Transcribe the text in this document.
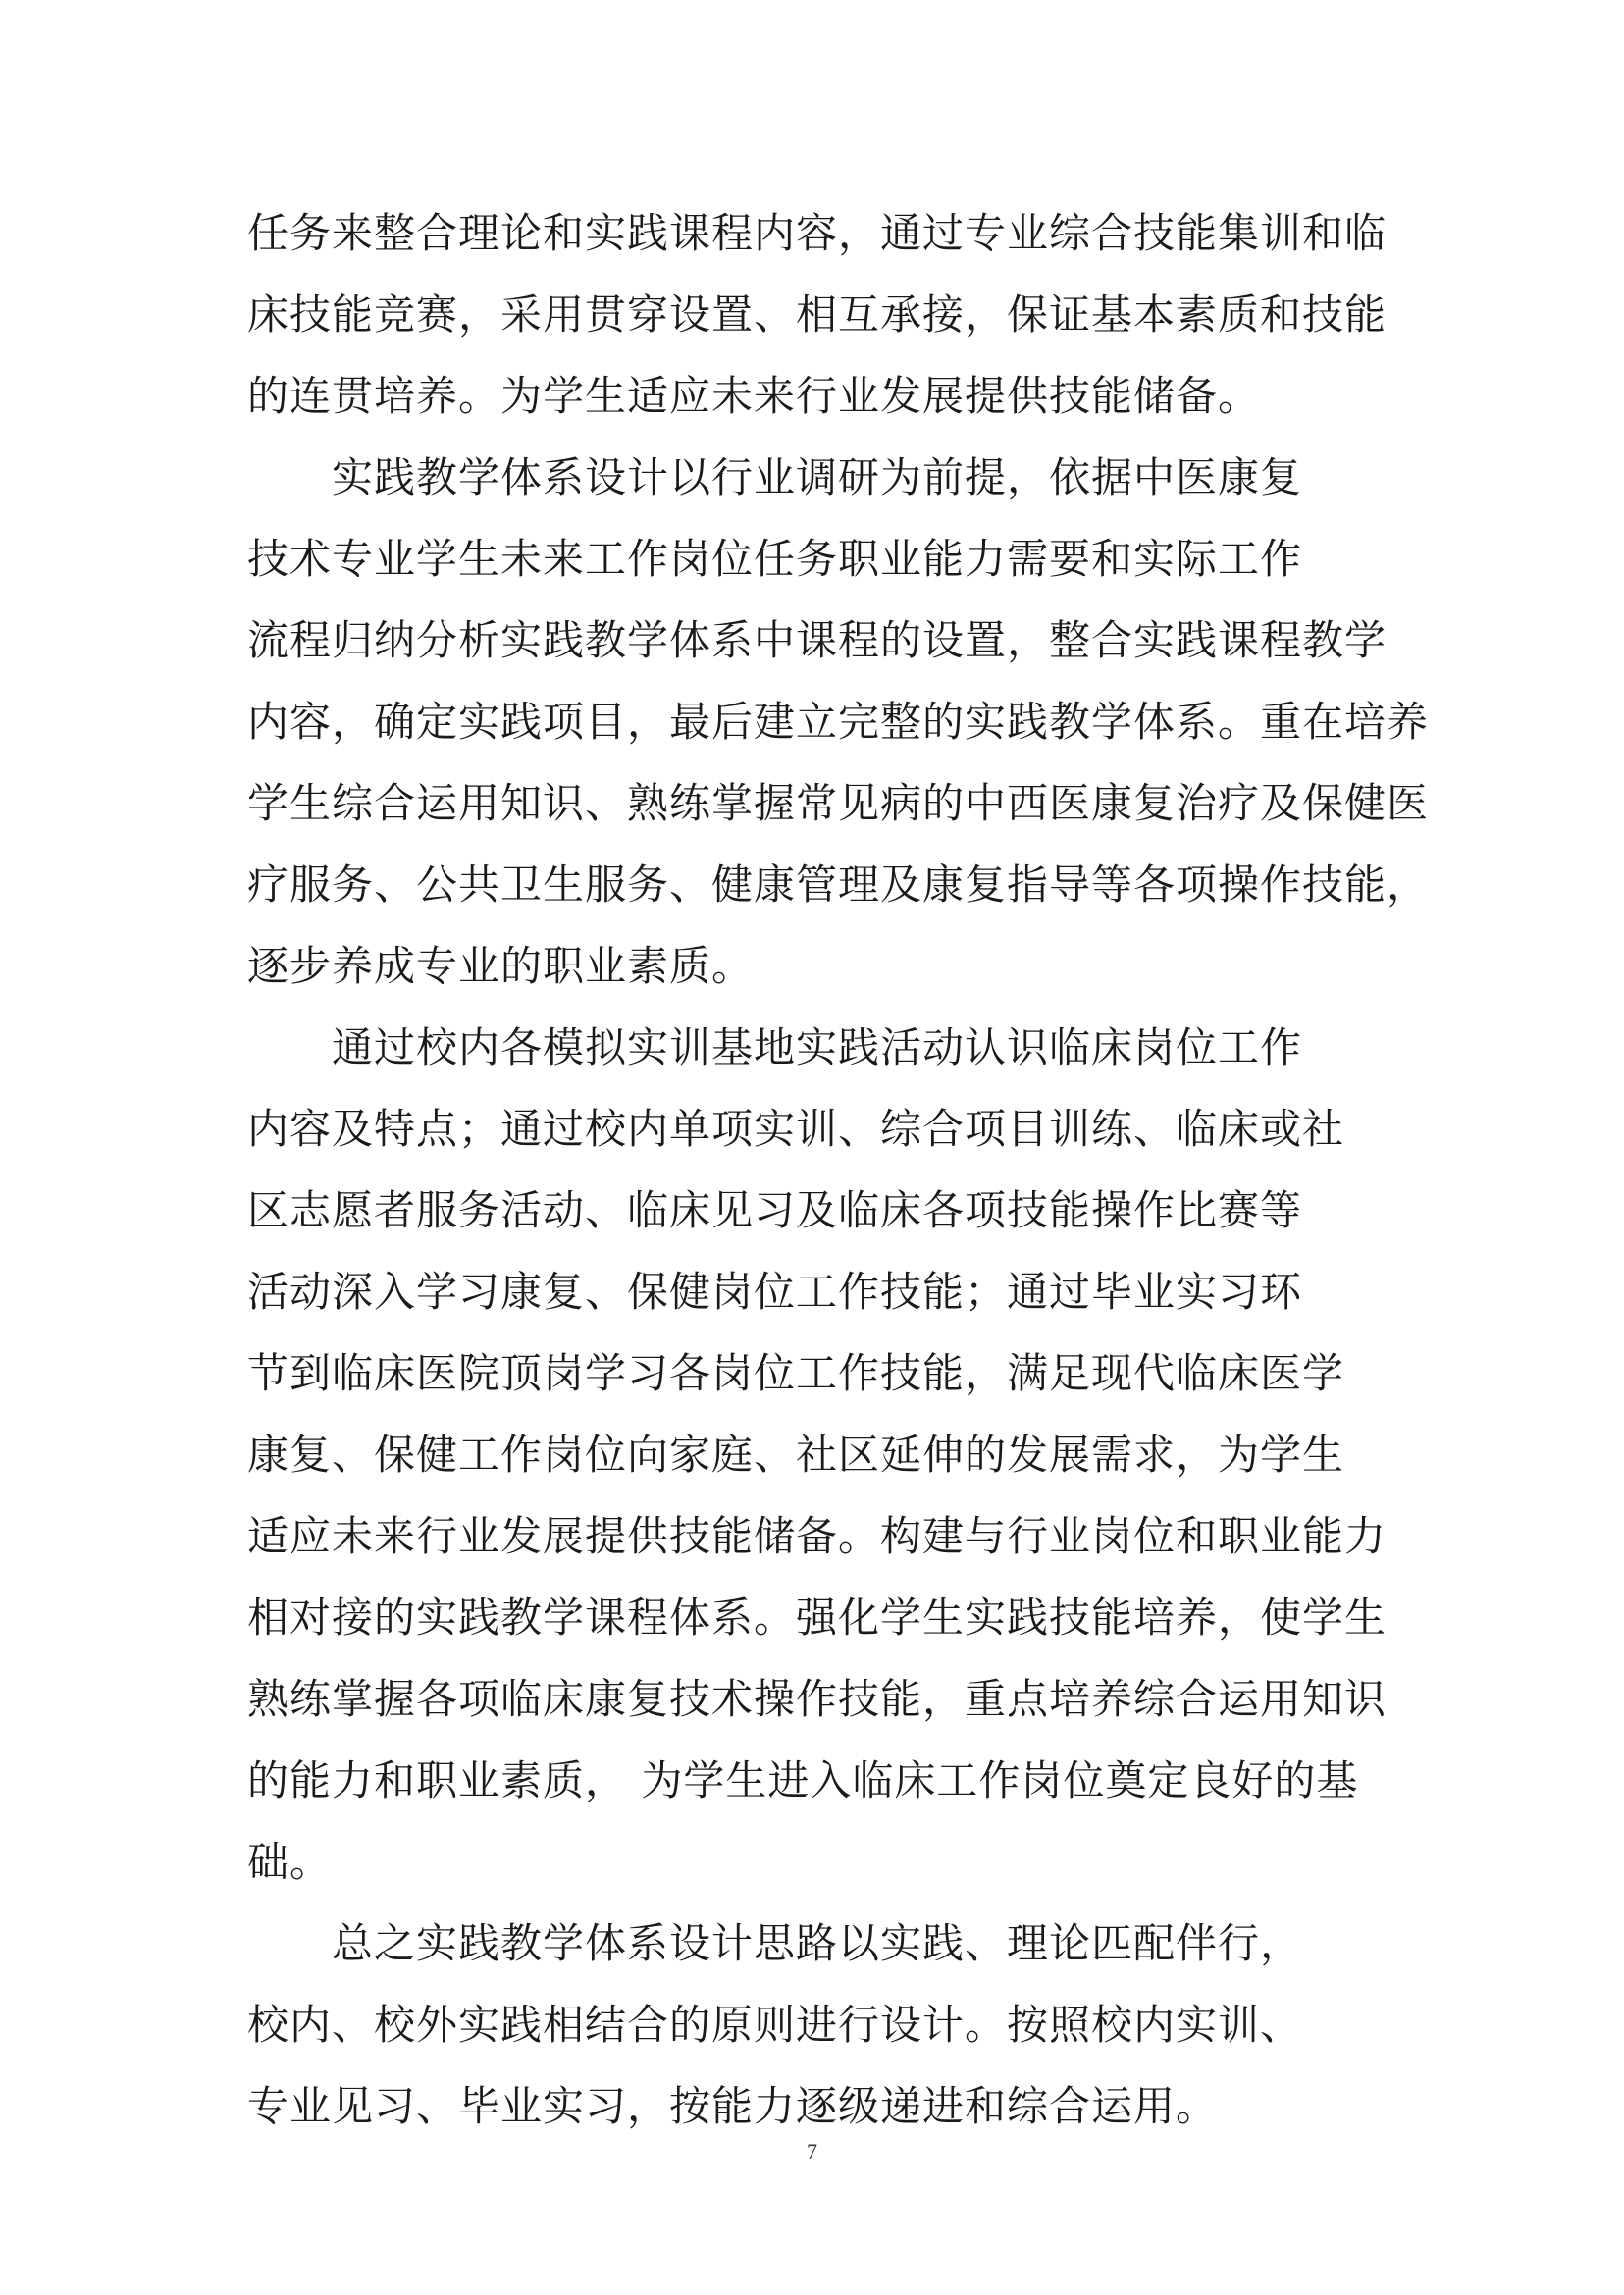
任务来整合理论和实践课程内容，通过专业综合技能集训和临
床技能竞赛，采用贯穿设置、相互承接，保证基本素质和技能
的连贯培养。为学生适应未来行业发展提供技能储备。
实践教学体系设计以行业调研为前提，依据中医康复
技术专业学生未来工作岗位任务职业能力需要和实际工作
流程归纳分析实践教学体系中课程的设置，整合实践课程教学
内容，确定实践项目，最后建立完整的实践教学体系。重在培养
学生综合运用知识、熟练掌握常见病的中西医康复治疗及保健医
疗服务、公共卫生服务、健康管理及康复指导等各项操作技能，
逐步养成专业的职业素质。
通过校内各模拟实训基地实践活动认识临床岗位工作
内容及特点；通过校内单项实训、综合项目训练、临床或社
区志愿者服务活动、临床见习及临床各项技能操作比赛等
活动深入学习康复、保健岗位工作技能；通过毕业实习环
节到临床医院顶岗学习各岗位工作技能，满足现代临床医学
康复、保健工作岗位向家庭、社区延伸的发展需求，为学生
适应未来行业发展提供技能储备。构建与行业岗位和职业能力
相对接的实践教学课程体系。强化学生实践技能培养，使学生
熟练掌握各项临床康复技术操作技能，重点培养综合运用知识
的能力和职业素质， 为学生进入临床工作岗位奠定良好的基
础。
总之实践教学体系设计思路以实践、理论匹配伴行，
校内、校外实践相结合的原则进行设计。按照校内实训、
专业见习、毕业实习，按能力逐级递进和综合运用。
7
